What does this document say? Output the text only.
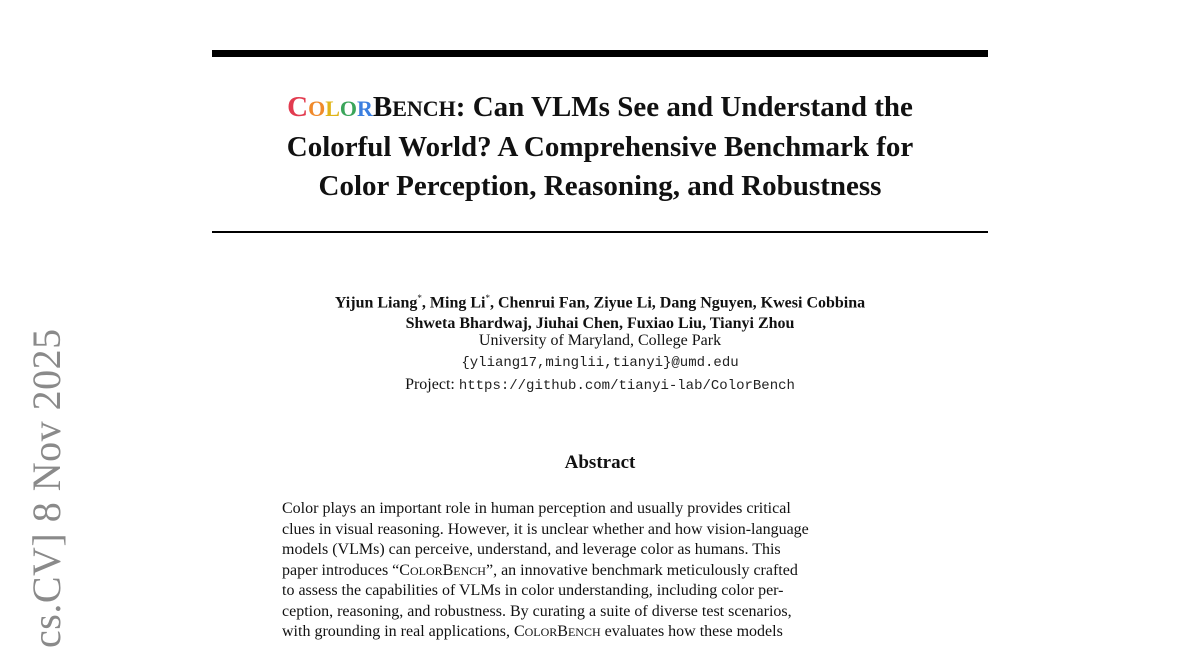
cs.CV] 8 Nov 2025
COLORBENCH: Can VLMs See and Understand the
Colorful World? A Comprehensive Benchmark for
Color Perception, Reasoning, and Robustness
Yijun Liang*, Ming Li*, Chenrui Fan, Ziyue Li, Dang Nguyen, Kwesi Cobbina
Shweta Bhardwaj, Jiuhai Chen, Fuxiao Liu, Tianyi Zhou
University of Maryland, College Park
{yliang17,minglii,tianyi}@umd.edu
Project: https://github.com/tianyi-lab/ColorBench
Abstract
Color plays an important role in human perception and usually provides critical
clues in visual reasoning. However, it is unclear whether and how vision-language
models (VLMs) can perceive, understand, and leverage color as humans. This
paper introduces “COLORBENCH”, an innovative benchmark meticulously crafted
to assess the capabilities of VLMs in color understanding, including color per-
ception, reasoning, and robustness. By curating a suite of diverse test scenarios,
with grounding in real applications, COLORBENCH evaluates how these models
